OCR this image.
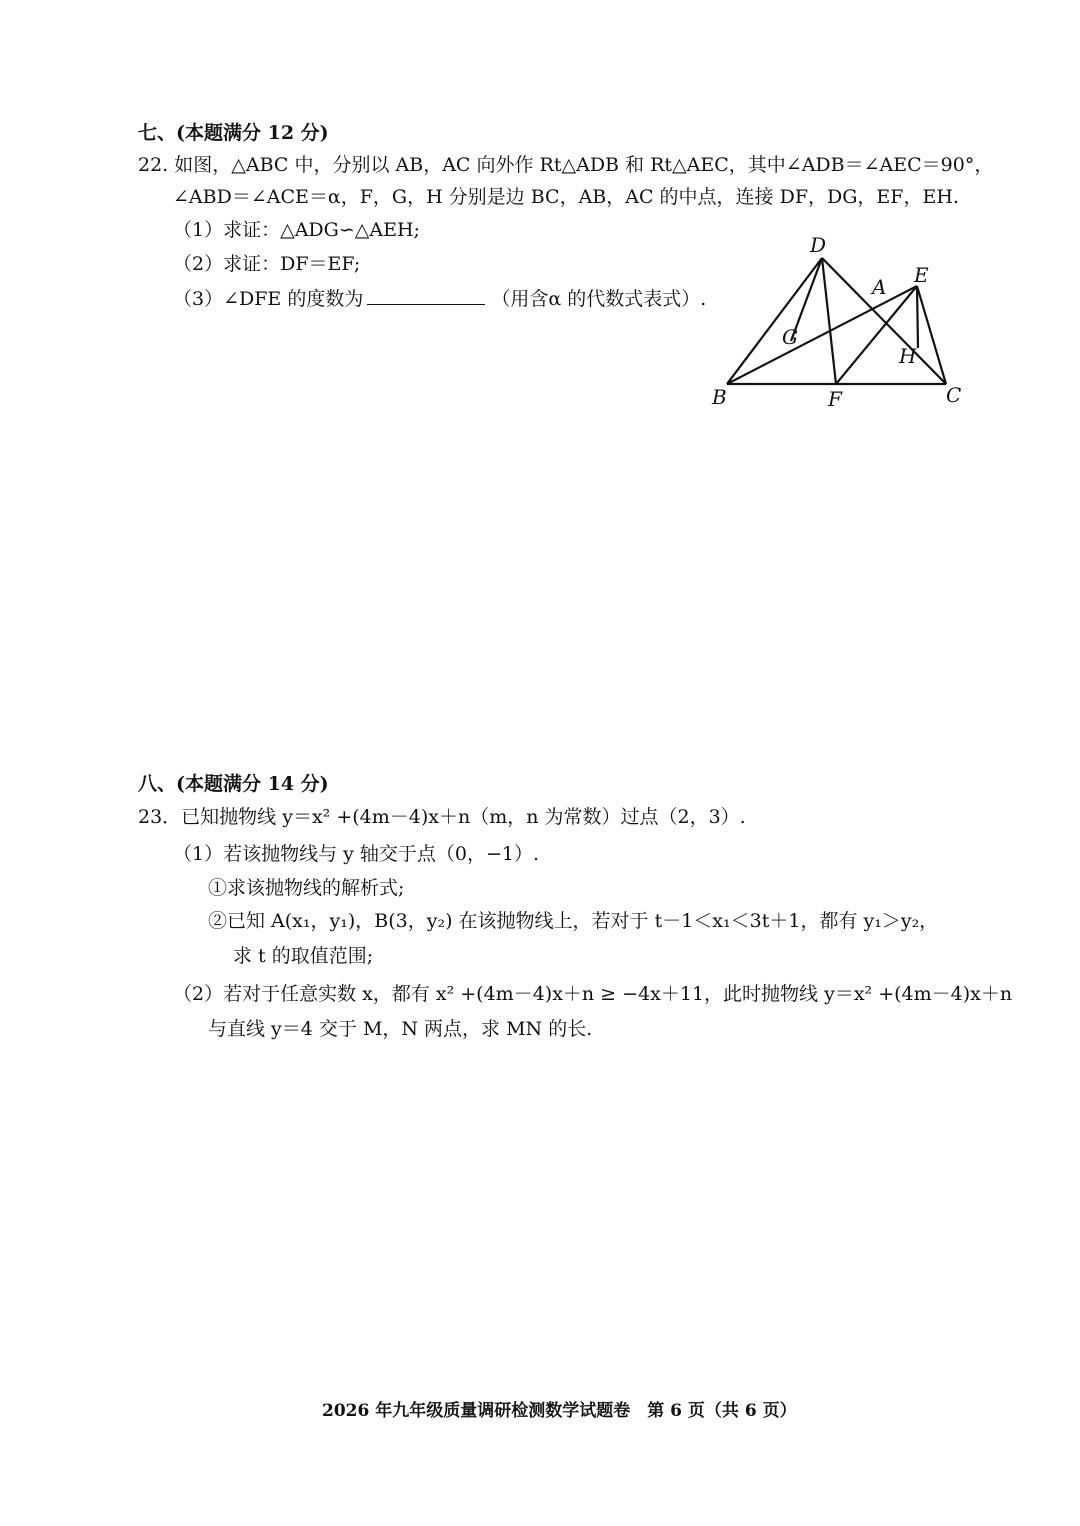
七、(本题满分 12 分)
22. 如图，△ABC 中，分别以 AB，AC 向外作 Rt△ADB 和 Rt△AEC，其中∠ADB＝∠AEC＝90°，
∠ABD＝∠ACE＝α，F，G，H 分别是边 BC，AB，AC 的中点，连接 DF，DG，EF，EH.
（1）求证：△ADG∽△AEH;
（2）求证：DF＝EF;
（3）∠DFE 的度数为	（用含α 的代数式表式）.
D
A E
G
H
B	F	C
八、(本题满分 14 分)
23．已知抛物线 y＝x² +(4m－4)x＋n（m，n 为常数）过点（2，3）.
（1）若该抛物线与 y 轴交于点（0，−1）.
①求该抛物线的解析式;
②已知 A(x₁，y₁)，B(3，y₂) 在该抛物线上，若对于 t－1＜x₁＜3t＋1，都有 y₁＞y₂，
求 t 的取值范围;
（2）若对于任意实数 x，都有 x² +(4m－4)x＋n ≥ −4x＋11，此时抛物线 y＝x² +(4m－4)x＋n
与直线 y＝4 交于 M，N 两点，求 MN 的长.
2026 年九年级质量调研检测数学试题卷　第 6 页（共 6 页）
